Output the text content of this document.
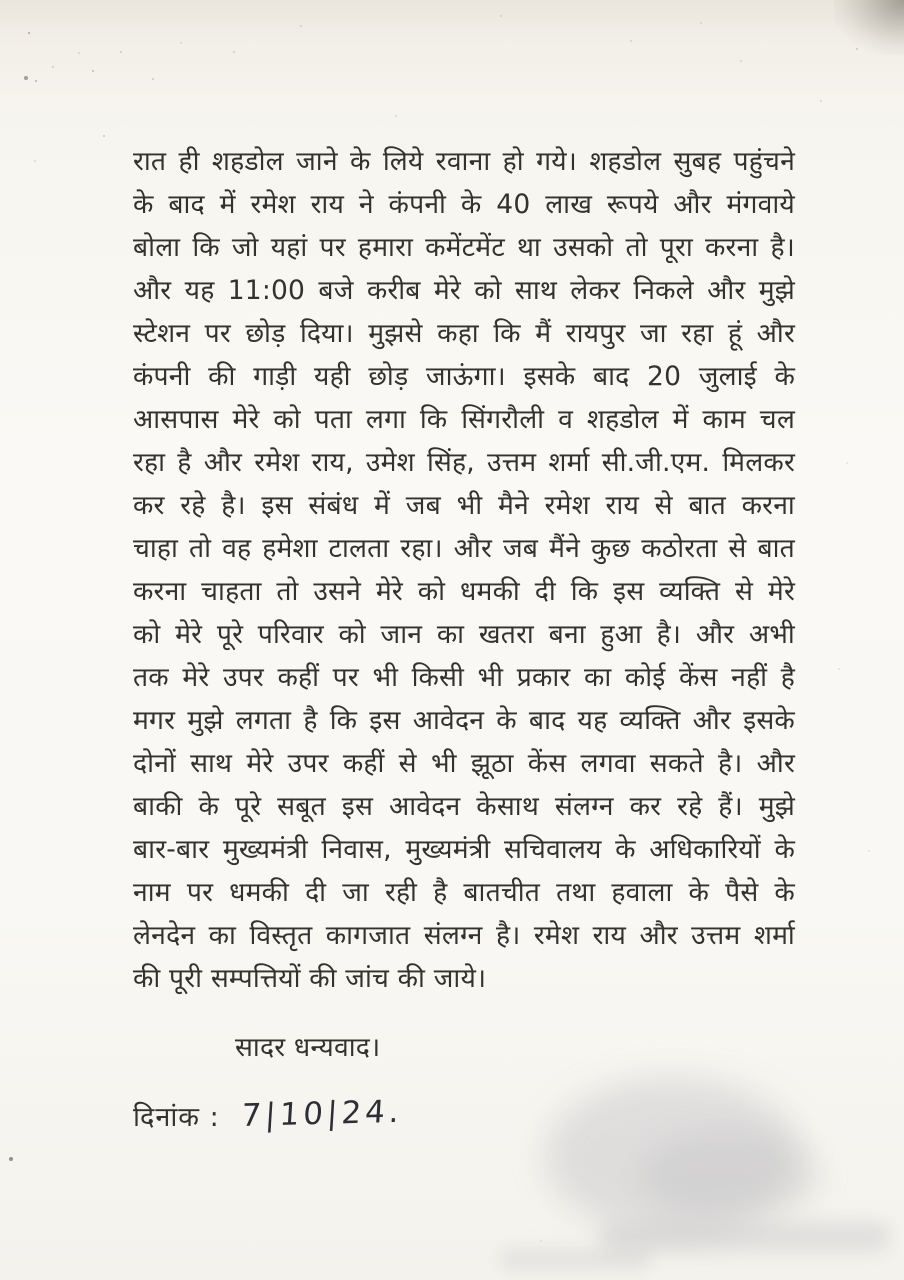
रात ही शहडोल जाने के लिये रवाना हो गये। शहडोल सुबह पहुंचने
के बाद में रमेश राय ने कंपनी के 40 लाख रूपये और मंगवाये
बोला कि जो यहां पर हमारा कमेंटमेंट था उसको तो पूरा करना है।
और यह 11:00 बजे करीब मेरे को साथ लेकर निकले और मुझे
स्टेशन पर छोड़ दिया। मुझसे कहा कि मैं रायपुर जा रहा हूं और
कंपनी की गाड़ी यही छोड़ जाऊंगा। इसके बाद 20 जुलाई के
आसपास मेरे को पता लगा कि सिंगरौली व शहडोल में काम चल
रहा है और रमेश राय, उमेश सिंह, उत्तम शर्मा सी.जी.एम. मिलकर
कर रहे है। इस संबंध में जब भी मैने रमेश राय से बात करना
चाहा तो वह हमेशा टालता रहा। और जब मैंने कुछ कठोरता से बात
करना चाहता तो उसने मेरे को धमकी दी कि इस व्यक्ति से मेरे
को मेरे पूरे परिवार को जान का खतरा बना हुआ है। और अभी
तक मेरे उपर कहीं पर भी किसी भी प्रकार का कोई केंस नहीं है
मगर मुझे लगता है कि इस आवेदन के बाद यह व्यक्ति और इसके
दोनों साथ मेरे उपर कहीं से भी झूठा केंस लगवा सकते है। और
बाकी के पूरे सबूत इस आवेदन केसाथ संलग्न कर रहे हैं। मुझे
बार-बार मुख्यमंत्री निवास, मुख्यमंत्री सचिवालय के अधिकारियों के
नाम पर धमकी दी जा रही है बातचीत तथा हवाला के पैसे के
लेनदेन का विस्तृत कागजात संलग्न है। रमेश राय और उत्तम शर्मा
की पूरी सम्पत्तियों की जांच की जाये।
सादर धन्यवाद।
दिनांक : 7|10|24.
